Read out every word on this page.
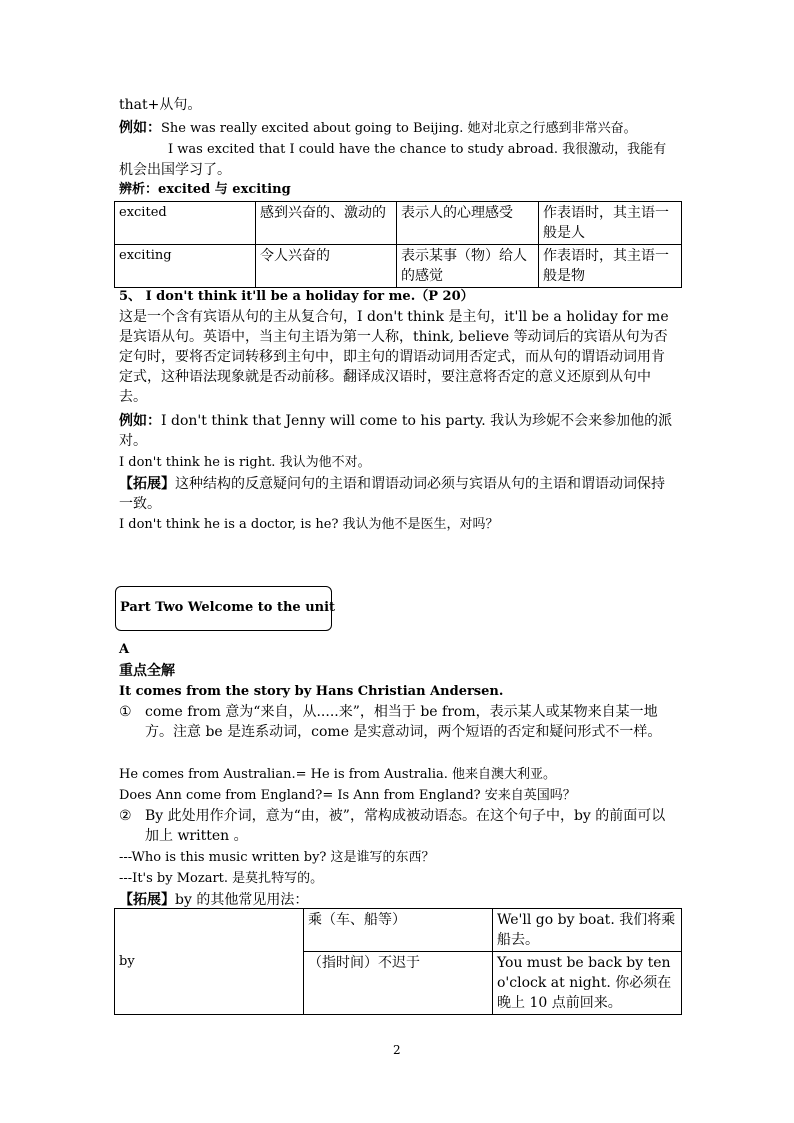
that+从句。
例如：She was really excited about going to Beijing. 她对北京之行感到非常兴奋。
I was excited that I could have the chance to study abroad. 我很激动，我能有
机会出国学习了。
辨析：excited 与 exciting
excited	感到兴奋的、激动的	表示人的心理感受	作表语时，其主语一般是人
exciting	令人兴奋的	表示某事（物）给人的感觉	作表语时，其主语一般是物
5、 I don't think it'll be a holiday for me.（P 20）
这是一个含有宾语从句的主从复合句，I don't think 是主句，it'll be a holiday for me 是宾语从句。英语中，当主句主语为第一人称，think, believe 等动词后的宾语从句为否定句时，要将否定词转移到主句中，即主句的谓语动词用否定式，而从句的谓语动词用肯定式，这种语法现象就是否动前移。翻译成汉语时，要注意将否定的意义还原到从句中去。
例如：I don't think that Jenny will come to his party. 我认为珍妮不会来参加他的派对。
I don't think he is right. 我认为他不对。
【拓展】这种结构的反意疑问句的主语和谓语动词必须与宾语从句的主语和谓语动词保持一致。
I don't think he is a doctor, is he? 我认为他不是医生，对吗？
Part Two Welcome to the unit
A
重点全解
It comes from the story by Hans Christian Andersen.
① come from 意为“来自，从.....来”，相当于 be from，表示某人或某物来自某一地方。注意 be 是连系动词，come 是实意动词，两个短语的否定和疑问形式不一样。
He comes from Australian.= He is from Australia. 他来自澳大利亚。
Does Ann come from England?= Is Ann from England? 安来自英国吗？
② By 此处用作介词，意为“由，被”，常构成被动语态。在这个句子中，by 的前面可以加上 written 。
---Who is this music written by? 这是谁写的东西？
---It's by Mozart. 是莫扎特写的。
【拓展】by 的其他常见用法：
by	乘（车、船等）	We'll go by boat. 我们将乘船去。
	（指时间）不迟于	You must be back by ten o'clock at night. 你必须在晚上 10 点前回来。
2
